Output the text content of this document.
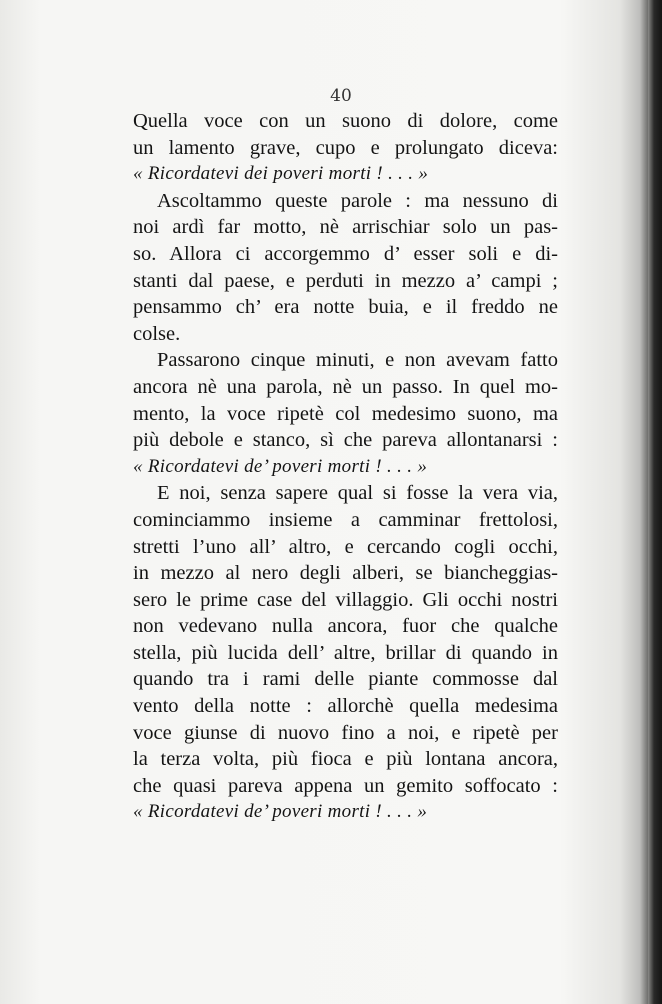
40
Quella voce con un suono di dolore, come
un lamento grave, cupo e prolungato diceva:
« Ricordatevi dei poveri morti ! . . . »
Ascoltammo queste parole : ma nessuno di
noi ardì far motto, nè arrischiar solo un pas-
so. Allora ci accorgemmo d’ esser soli e di-
stanti dal paese, e perduti in mezzo a’ campi ;
pensammo ch’ era notte buia, e il freddo ne
colse.
Passarono cinque minuti, e non avevam fatto
ancora nè una parola, nè un passo. In quel mo-
mento, la voce ripetè col medesimo suono, ma
più debole e stanco, sì che pareva allontanarsi :
« Ricordatevi de’ poveri morti ! . . . »
E noi, senza sapere qual si fosse la vera via,
cominciammo insieme a camminar frettolosi,
stretti l’uno all’ altro, e cercando cogli occhi,
in mezzo al nero degli alberi, se biancheggias-
sero le prime case del villaggio. Gli occhi nostri
non vedevano nulla ancora, fuor che qualche
stella, più lucida dell’ altre, brillar di quando in
quando tra i rami delle piante commosse dal
vento della notte : allorchè quella medesima
voce giunse di nuovo fino a noi, e ripetè per
la terza volta, più fioca e più lontana ancora,
che quasi pareva appena un gemito soffocato :
« Ricordatevi de’ poveri morti ! . . . »
